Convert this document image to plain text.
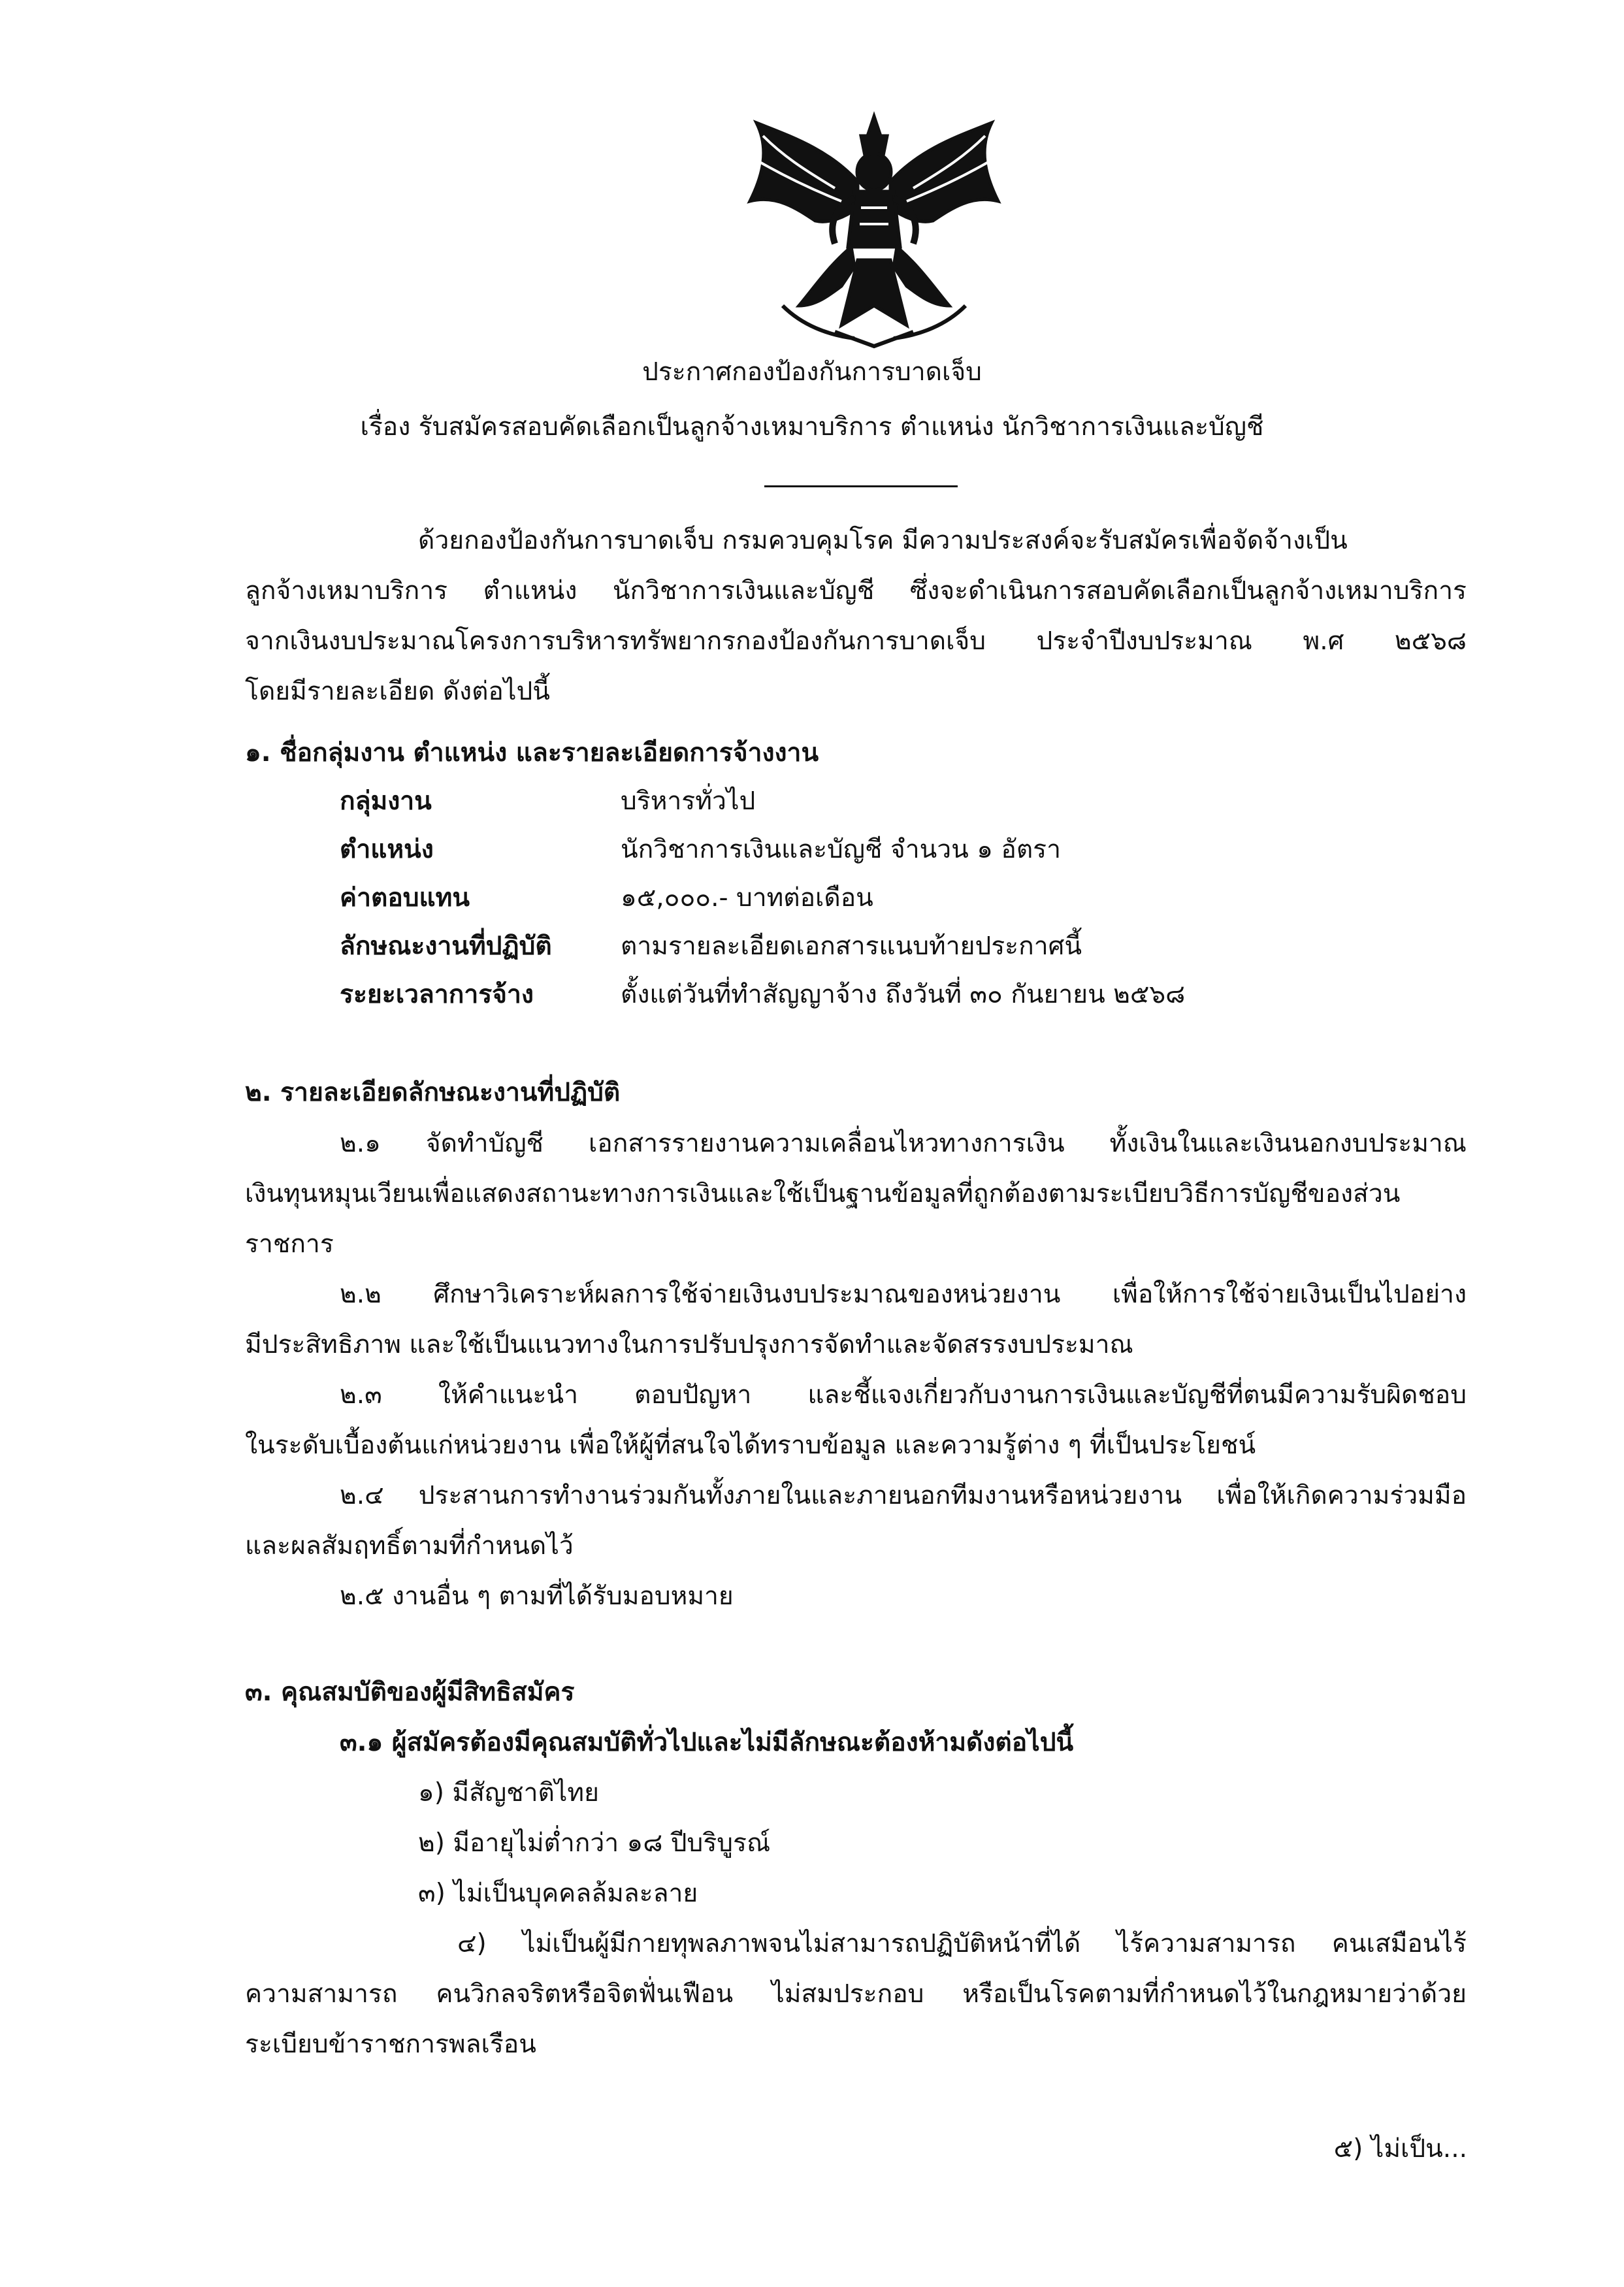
ประกาศกองป้องกันการบาดเจ็บ
เรื่อง รับสมัครสอบคัดเลือกเป็นลูกจ้างเหมาบริการ ตำแหน่ง นักวิชาการเงินและบัญชี
ด้วยกองป้องกันการบาดเจ็บ กรมควบคุมโรค มีความประสงค์จะรับสมัครเพื่อจัดจ้างเป็น
ลูกจ้างเหมาบริการ ตำแหน่ง นักวิชาการเงินและบัญชี ซึ่งจะดำเนินการสอบคัดเลือกเป็นลูกจ้างเหมาบริการ
จากเงินงบประมาณโครงการบริหารทรัพยากรกองป้องกันการบาดเจ็บ ประจำปีงบประมาณ พ.ศ ๒๕๖๘
โดยมีรายละเอียด ดังต่อไปนี้
๑. ชื่อกลุ่มงาน ตำแหน่ง และรายละเอียดการจ้างงาน
กลุ่มงาน	บริหารทั่วไป
ตำแหน่ง	นักวิชาการเงินและบัญชี จำนวน ๑ อัตรา
ค่าตอบแทน	๑๕,๐๐๐.- บาทต่อเดือน
ลักษณะงานที่ปฏิบัติ	ตามรายละเอียดเอกสารแนบท้ายประกาศนี้
ระยะเวลาการจ้าง	ตั้งแต่วันที่ทำสัญญาจ้าง ถึงวันที่ ๓๐ กันยายน ๒๕๖๘
๒. รายละเอียดลักษณะงานที่ปฏิบัติ
๒.๑ จัดทำบัญชี เอกสารรายงานความเคลื่อนไหวทางการเงิน ทั้งเงินในและเงินนอกงบประมาณ
เงินทุนหมุนเวียนเพื่อแสดงสถานะทางการเงินและใช้เป็นฐานข้อมูลที่ถูกต้องตามระเบียบวิธีการบัญชีของส่วน
ราชการ
๒.๒ ศึกษาวิเคราะห์ผลการใช้จ่ายเงินงบประมาณของหน่วยงาน เพื่อให้การใช้จ่ายเงินเป็นไปอย่าง
มีประสิทธิภาพ และใช้เป็นแนวทางในการปรับปรุงการจัดทำและจัดสรรงบประมาณ
๒.๓ ให้คำแนะนำ ตอบปัญหา และชี้แจงเกี่ยวกับงานการเงินและบัญชีที่ตนมีความรับผิดชอบ
ในระดับเบื้องต้นแก่หน่วยงาน เพื่อให้ผู้ที่สนใจได้ทราบข้อมูล และความรู้ต่าง ๆ ที่เป็นประโยชน์
๒.๔ ประสานการทำงานร่วมกันทั้งภายในและภายนอกทีมงานหรือหน่วยงาน เพื่อให้เกิดความร่วมมือ
และผลสัมฤทธิ์ตามที่กำหนดไว้
๒.๕ งานอื่น ๆ ตามที่ได้รับมอบหมาย
๓. คุณสมบัติของผู้มีสิทธิสมัคร
๓.๑ ผู้สมัครต้องมีคุณสมบัติทั่วไปและไม่มีลักษณะต้องห้ามดังต่อไปนี้
๑) มีสัญชาติไทย
๒) มีอายุไม่ต่ำกว่า ๑๘ ปีบริบูรณ์
๓) ไม่เป็นบุคคลล้มละลาย
๔) ไม่เป็นผู้มีกายทุพลภาพจนไม่สามารถปฏิบัติหน้าที่ได้ ไร้ความสามารถ คนเสมือนไร้
ความสามารถ คนวิกลจริตหรือจิตฟั่นเฟือน ไม่สมประกอบ หรือเป็นโรคตามที่กำหนดไว้ในกฎหมายว่าด้วย
ระเบียบข้าราชการพลเรือน
๕) ไม่เป็น...
